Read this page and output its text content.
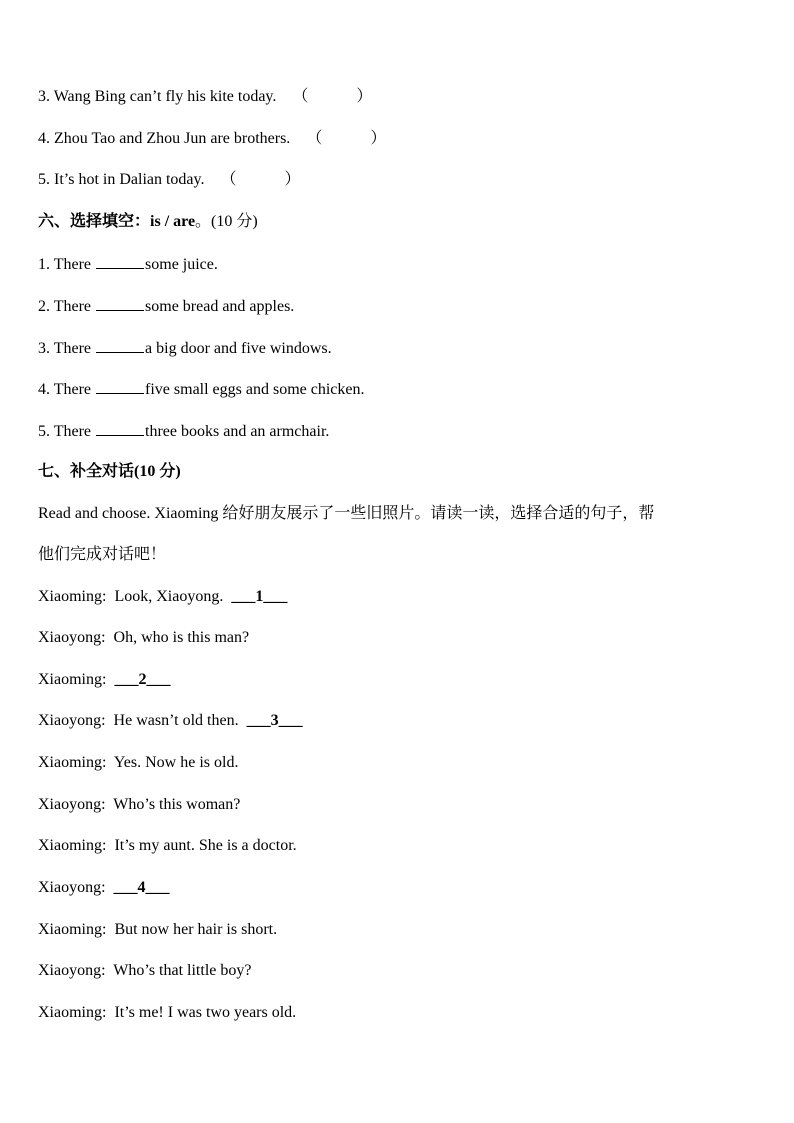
3. Wang Bing can’t fly his kite today. （　　　）
4. Zhou Tao and Zhou Jun are brothers. （　　　）
5. It’s hot in Dalian today. （　　　）
六、选择填空：is / are。(10 分)
1. There	some juice.
2. There	some bread and apples.
3. There	a big door and five windows.
4. There	five small eggs and some chicken.
5. There	three books and an armchair.
七、补全对话(10 分)
Read and choose. Xiaoming 给好朋友展示了一些旧照片。请读一读，选择合适的句子，帮
他们完成对话吧！
Xiaoming: Look, Xiaoyong. ___1___
Xiaoyong: Oh, who is this man?
Xiaoming: ___2___
Xiaoyong: He wasn’t old then. ___3___
Xiaoming: Yes. Now he is old.
Xiaoyong: Who’s this woman?
Xiaoming: It’s my aunt. She is a doctor.
Xiaoyong: ___4___
Xiaoming: But now her hair is short.
Xiaoyong: Who’s that little boy?
Xiaoming: It’s me! I was two years old.
